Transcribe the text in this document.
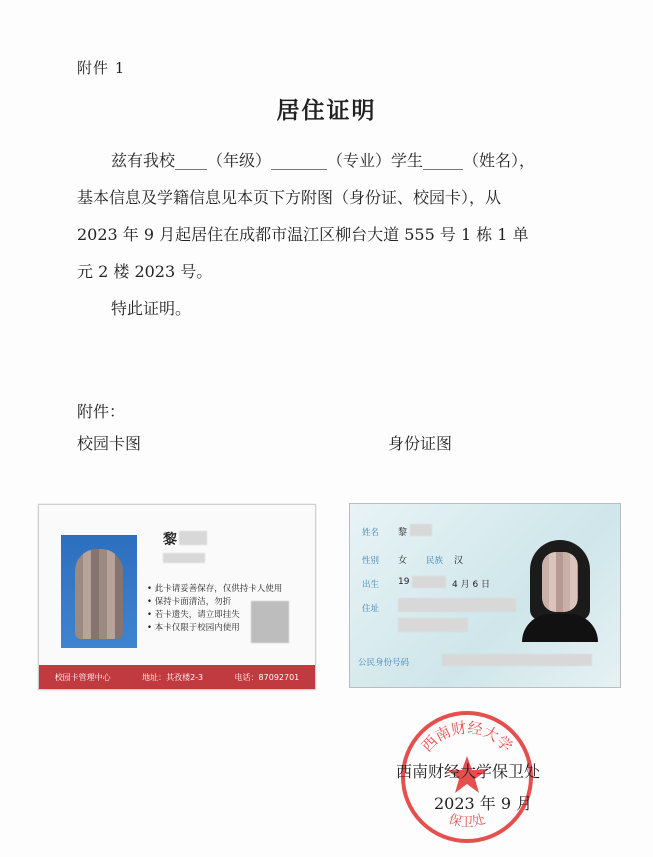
附件 1
居住证明

兹有我校____（年级）_______（专业）学生_____（姓名），

基本信息及学籍信息见本页下方附图（身份证、校园卡），从

2023 年 9 月起居住在成都市温江区柳台大道 555 号 1 栋 1 单

元 2 楼 2023 号。

特此证明。

附件：
校园卡图	身份证图
黎
• 此卡请妥善保存，仅供持卡人使用
• 保持卡面清洁，勿折
• 若卡遗失，请立即挂失
• 本卡仅限于校园内使用
校园卡管理中心	地址：其孜楼2-3	电话：87092701
姓名 黎
性别 女 民族 汉
出生 19	4 月 6 日
住址
公民身份号码
西南财经大学
保卫处
西南财经大学保卫处
2023 年 9 月
